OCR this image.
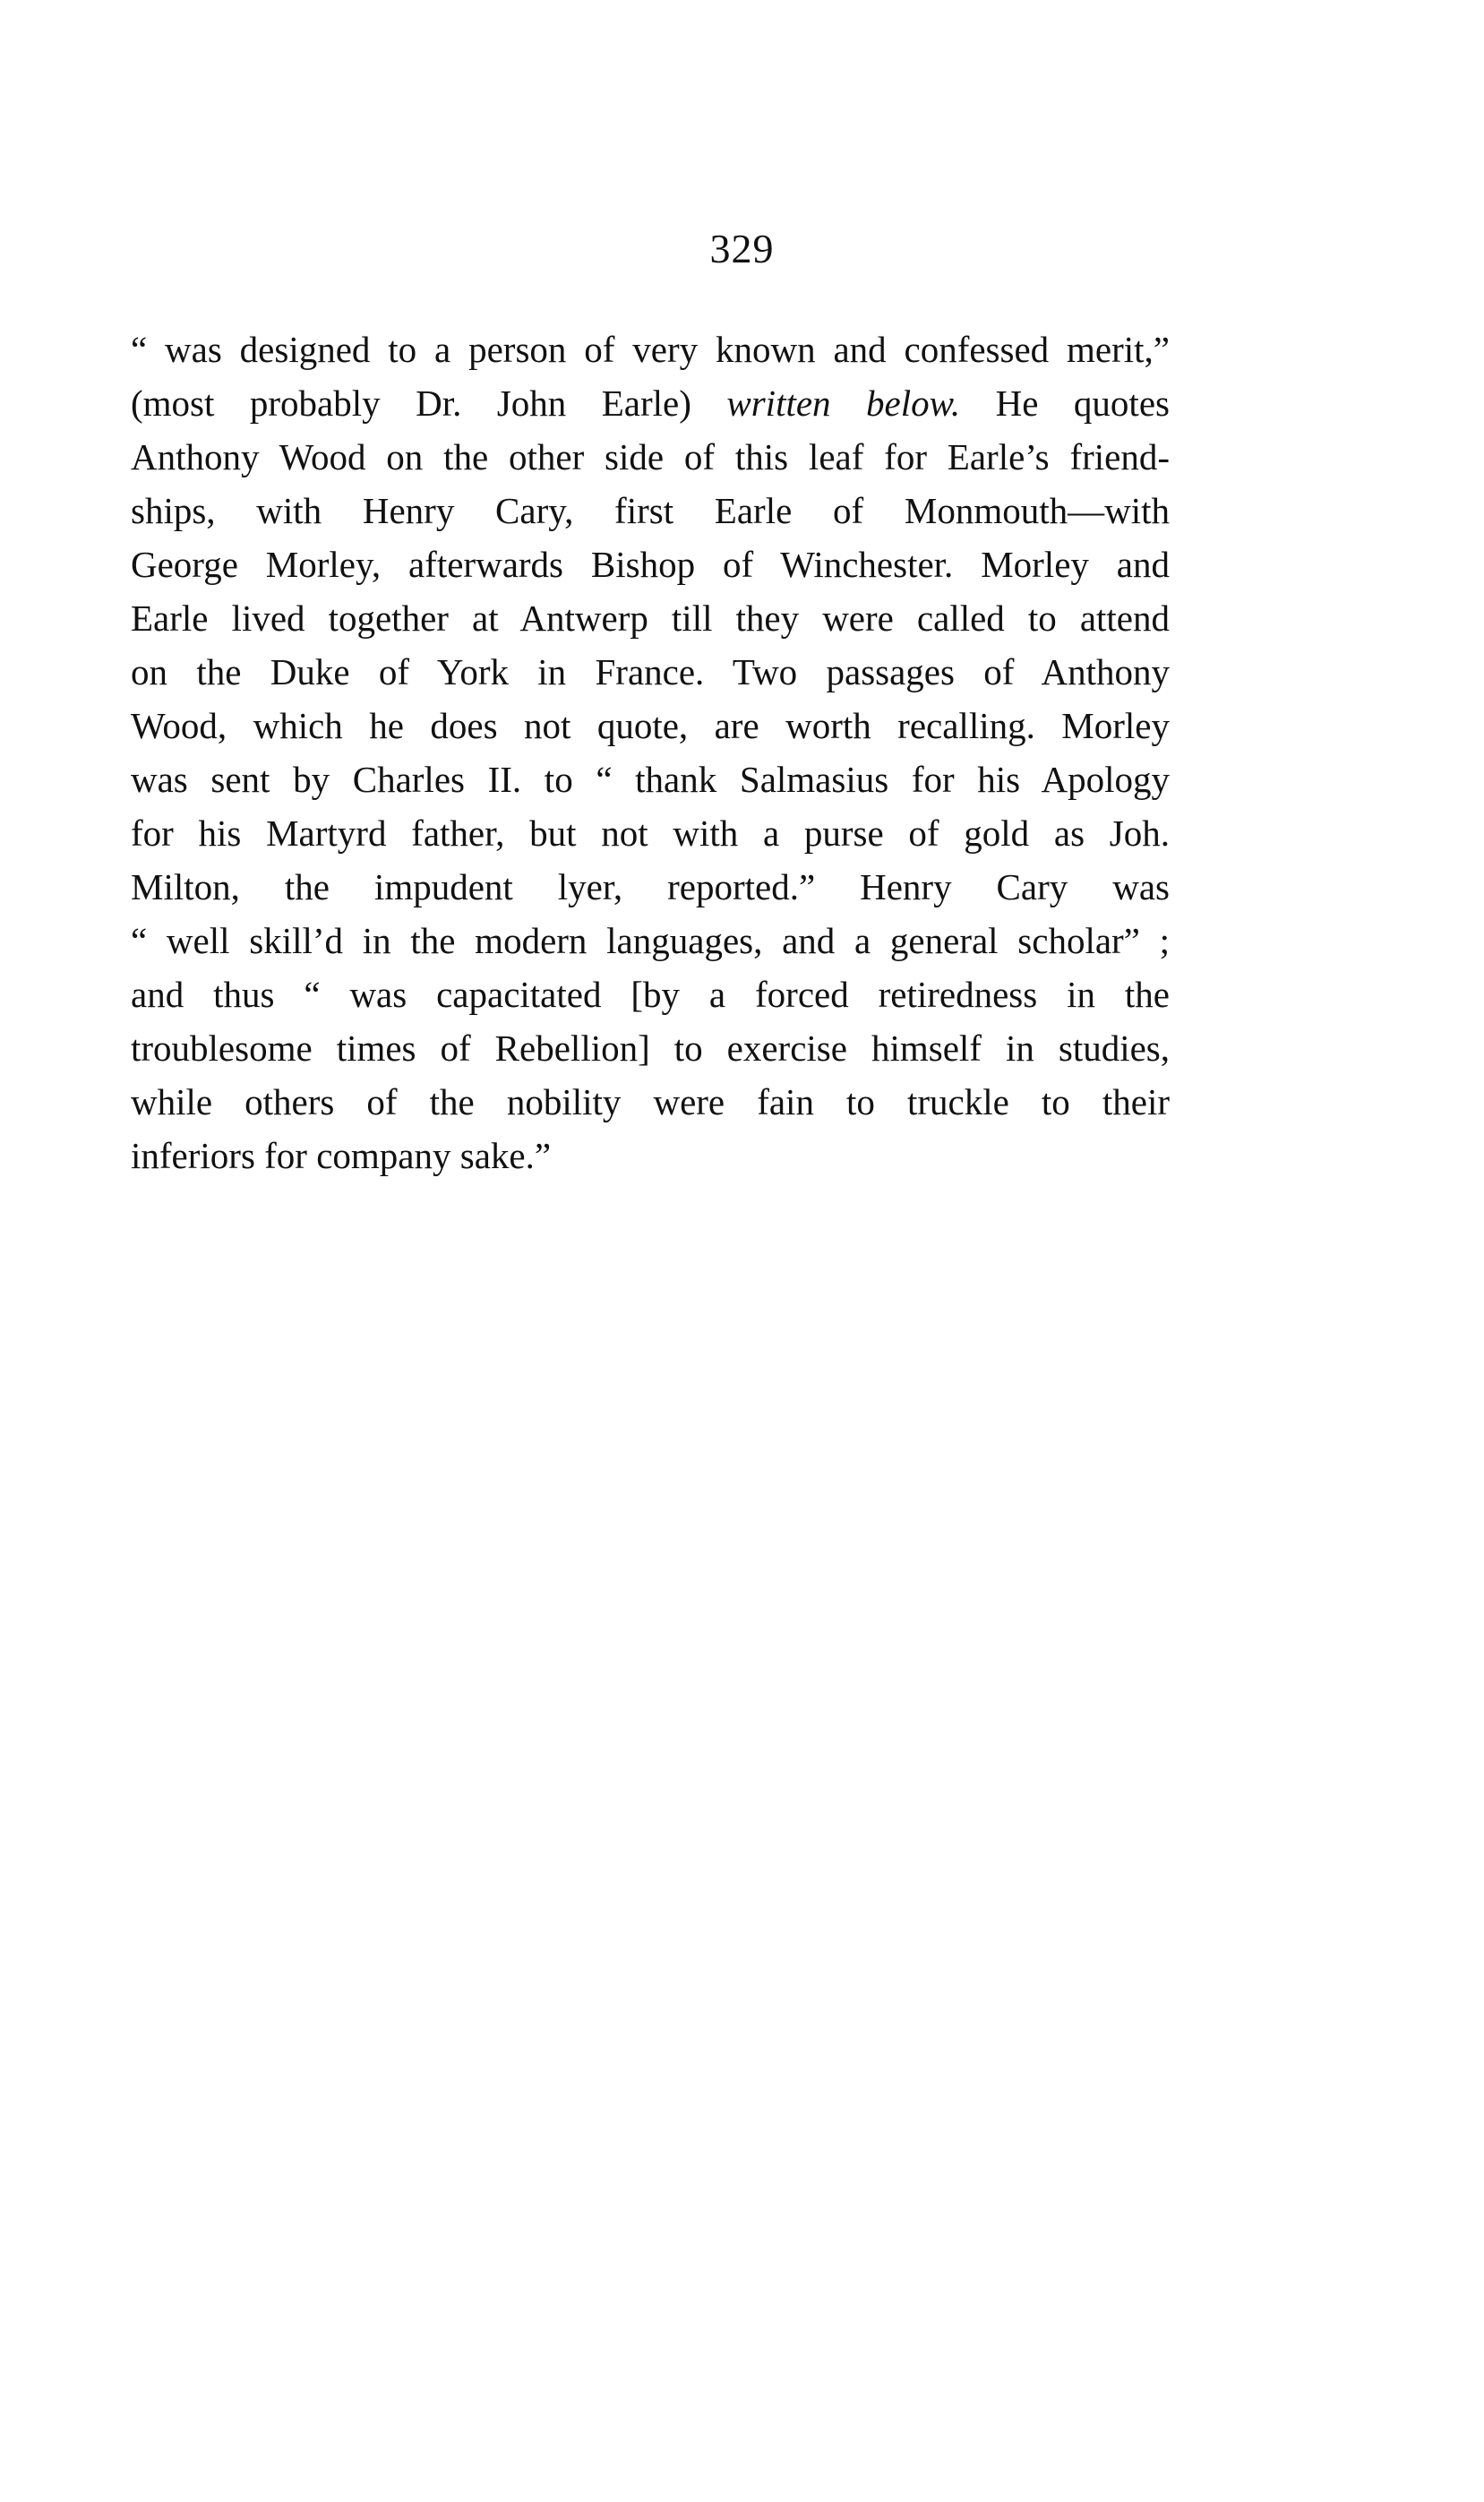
329
“ was designed to a person of very known and confessed merit,”
(most probably Dr. John Earle) written below. He quotes
Anthony Wood on the other side of this leaf for Earle’s friend-
ships, with Henry Cary, first Earle of Monmouth—with
George Morley, afterwards Bishop of Winchester. Morley and
Earle lived together at Antwerp till they were called to attend
on the Duke of York in France. Two passages of Anthony
Wood, which he does not quote, are worth recalling. Morley
was sent by Charles II. to “ thank Salmasius for his Apology
for his Martyrd father, but not with a purse of gold as Joh.
Milton, the impudent lyer, reported.” Henry Cary was
“ well skill’d in the modern languages, and a general scholar” ;
and thus “ was capacitated [by a forced retiredness in the
troublesome times of Rebellion] to exercise himself in studies,
while others of the nobility were fain to truckle to their
inferiors for company sake.”
